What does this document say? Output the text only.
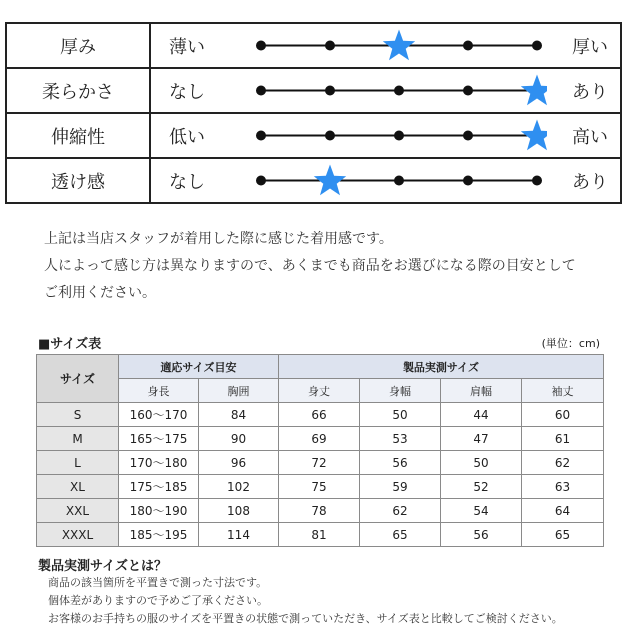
厚み	薄い	厚い
柔らかさ	なし	あり
伸縮性	低い	高い
透け感	なし	あり
上記は当店スタッフが着用した際に感じた着用感です。
人によって感じ方は異なりますので、あくまでも商品をお選びになる際の目安として
ご利用ください。
■サイズ表	(単位：cm)
サイズ	適応サイズ目安		製品実測サイズ			
	身長	胸囲	身丈	身幅	肩幅	袖丈
S	160～170	84	66	50	44	60
M	165～175	90	69	53	47	61
L	170～180	96	72	56	50	62
XL	175～185	102	75	59	52	63
XXL	180～190	108	78	62	54	64
XXXL	185～195	114	81	65	56	65
製品実測サイズとは？
商品の該当箇所を平置きで測った寸法です。
個体差がありますので予めご了承ください。
お客様のお手持ちの服のサイズを平置きの状態で測っていただき、サイズ表と比較してご検討ください。
